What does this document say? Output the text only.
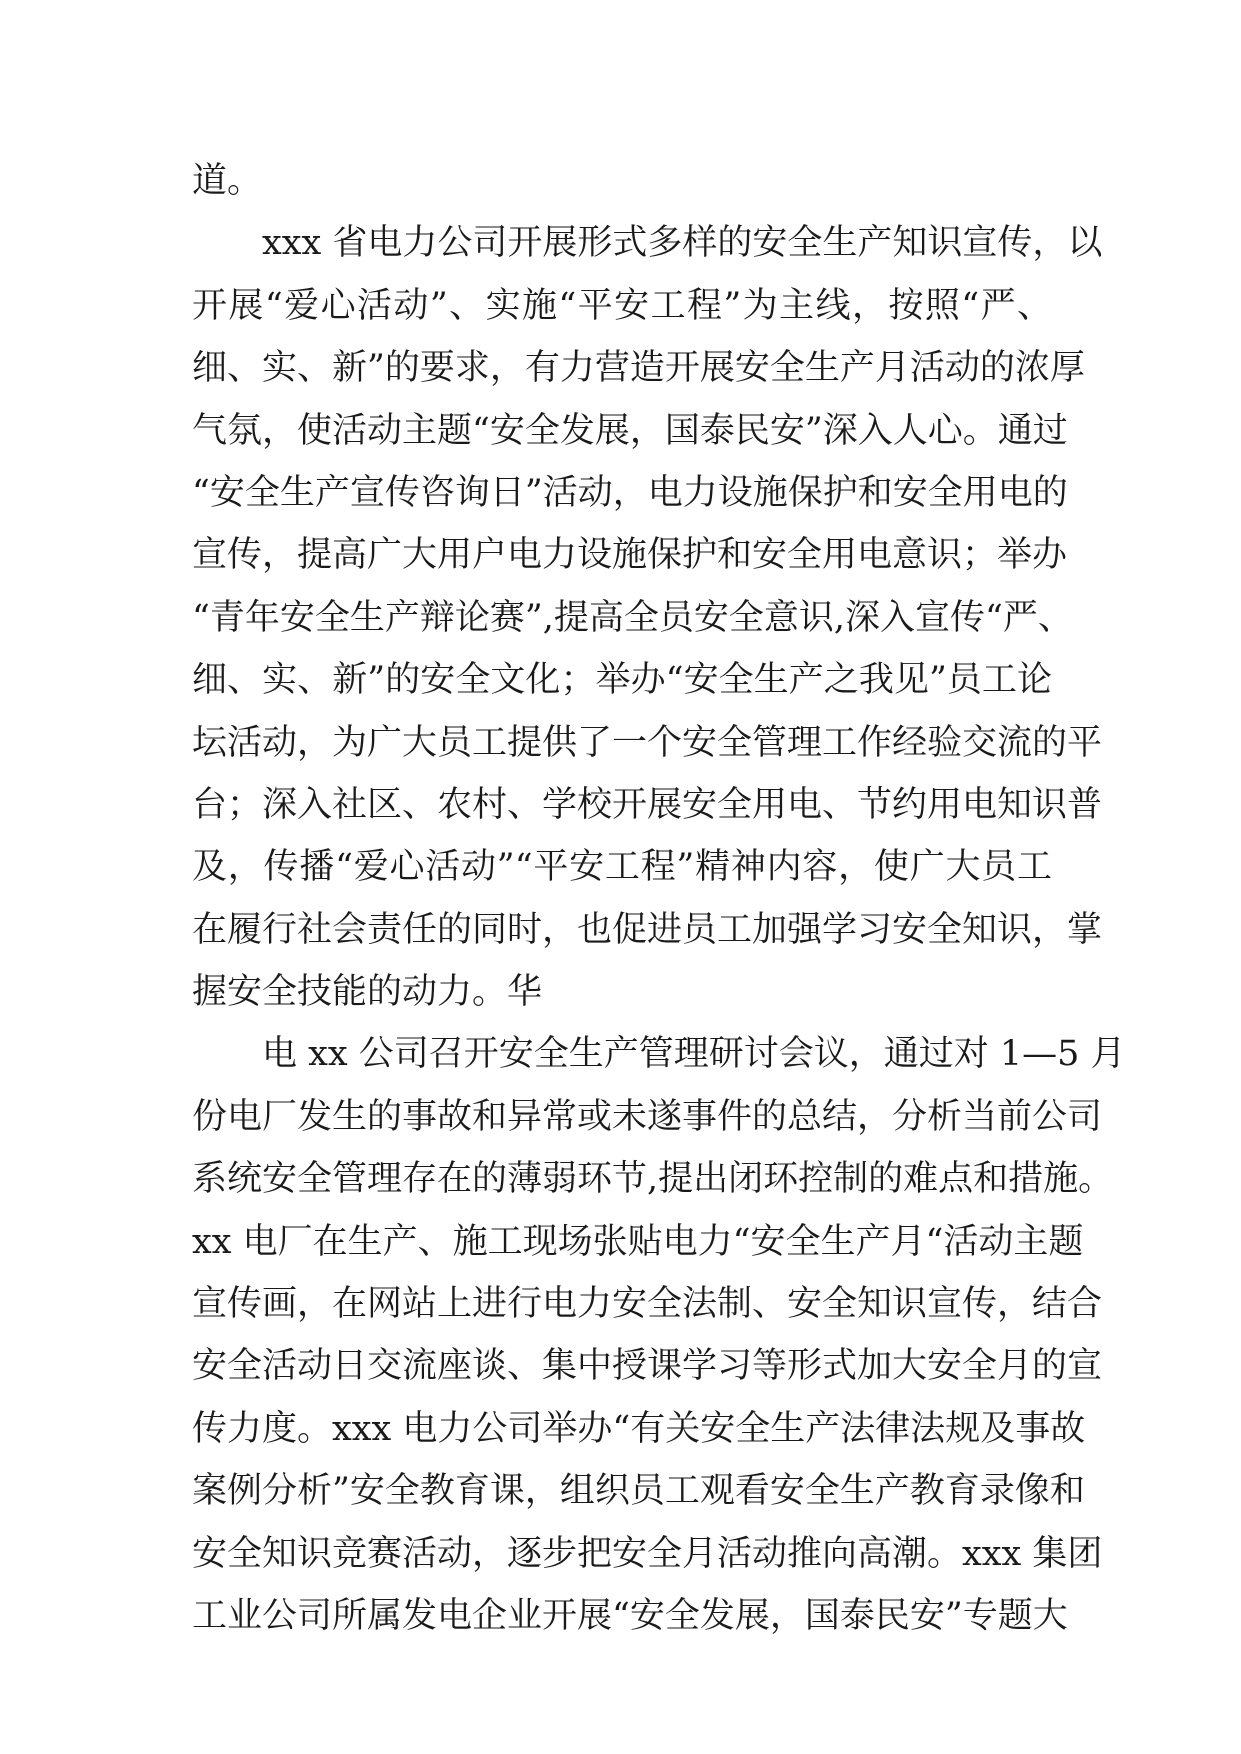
道。
xxx 省电力公司开展形式多样的安全生产知识宣传，以
开展“爱心活动”、实施“平安工程”为主线，按照“严、
细、实、新”的要求，有力营造开展安全生产月活动的浓厚
气氛，使活动主题“安全发展，国泰民安”深入人心。通过
“安全生产宣传咨询日”活动，电力设施保护和安全用电的
宣传，提高广大用户电力设施保护和安全用电意识；举办
“青年安全生产辩论赛”,提高全员安全意识,深入宣传“严、
细、实、新”的安全文化；举办“安全生产之我见”员工论
坛活动，为广大员工提供了一个安全管理工作经验交流的平
台；深入社区、农村、学校开展安全用电、节约用电知识普
及，传播“爱心活动”“平安工程”精神内容，使广大员工
在履行社会责任的同时，也促进员工加强学习安全知识，掌
握安全技能的动力。华
电 xx 公司召开安全生产管理研讨会议，通过对 1—5 月
份电厂发生的事故和异常或未遂事件的总结，分析当前公司
系统安全管理存在的薄弱环节,提出闭环控制的难点和措施。
xx 电厂在生产、施工现场张贴电力“安全生产月“活动主题
宣传画，在网站上进行电力安全法制、安全知识宣传，结合
安全活动日交流座谈、集中授课学习等形式加大安全月的宣
传力度。xxx 电力公司举办“有关安全生产法律法规及事故
案例分析”安全教育课，组织员工观看安全生产教育录像和
安全知识竞赛活动，逐步把安全月活动推向高潮。xxx 集团
工业公司所属发电企业开展“安全发展，国泰民安”专题大
